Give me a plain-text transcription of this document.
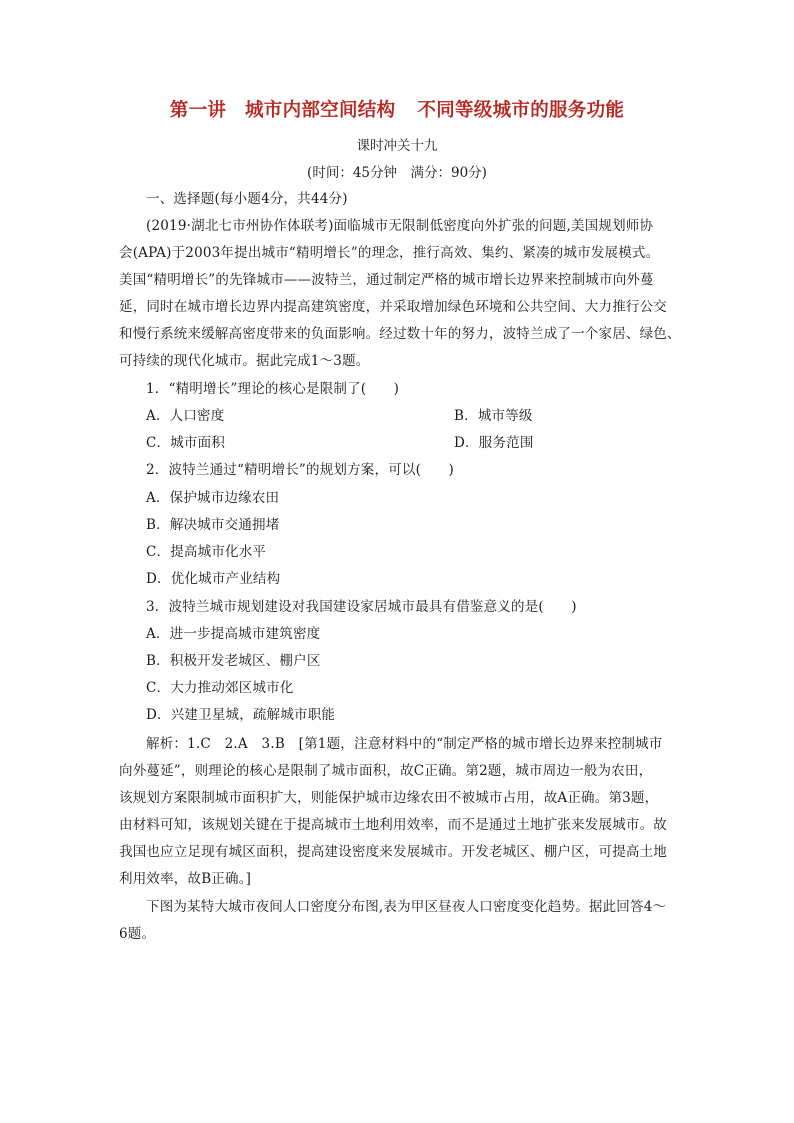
第一讲　城市内部空间结构 不同等级城市的服务功能
课时冲关十九
(时间：45分钟　满分：90分)
一、选择题(每小题4分，共44分)
(2019·湖北七市州协作体联考)面临城市无限制低密度向外扩张的问题,美国规划师协
会(APA)于2003年提出城市“精明增长”的理念，推行高效、集约、紧凑的城市发展模式。
美国“精明增长”的先锋城市——波特兰，通过制定严格的城市增长边界来控制城市向外蔓
延，同时在城市增长边界内提高建筑密度，并采取增加绿色环境和公共空间、大力推行公交
和慢行系统来缓解高密度带来的负面影响。经过数十年的努力，波特兰成了一个家居、绿色、
可持续的现代化城市。据此完成1～3题。
1．“精明增长”理论的核心是限制了(　　)
A．人口密度	B．城市等级
C．城市面积	D．服务范围
2．波特兰通过“精明增长”的规划方案，可以(　　)
A．保护城市边缘农田
B．解决城市交通拥堵
C．提高城市化水平
D．优化城市产业结构
3．波特兰城市规划建设对我国建设家居城市最具有借鉴意义的是(　　)
A．进一步提高城市建筑密度
B．积极开发老城区、棚户区
C．大力推动郊区城市化
D．兴建卫星城，疏解城市职能
解析：1.C　2.A　3.B　[第1题，注意材料中的“制定严格的城市增长边界来控制城市
向外蔓延”，则理论的核心是限制了城市面积，故C正确。第2题，城市周边一般为农田，
该规划方案限制城市面积扩大，则能保护城市边缘农田不被城市占用，故A正确。第3题，
由材料可知，该规划关键在于提高城市土地利用效率，而不是通过土地扩张来发展城市。故
我国也应立足现有城区面积，提高建设密度来发展城市。开发老城区、棚户区，可提高土地
利用效率，故B正确。]
下图为某特大城市夜间人口密度分布图,表为甲区昼夜人口密度变化趋势。据此回答4～
6题。
